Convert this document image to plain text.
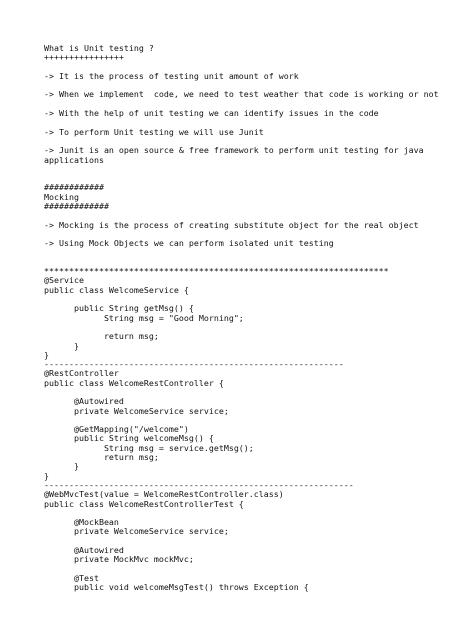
What is Unit testing ?
++++++++++++++++
-> It is the process of testing unit amount of work
-> When we implement  code, we need to test weather that code is working or not
-> With the help of unit testing we can identify issues in the code
-> To perform Unit testing we will use Junit
-> Junit is an open source & free framework to perform unit testing for java
applications
############
Mocking
#############
-> Mocking is the process of creating substitute object for the real object
-> Using Mock Objects we can perform isolated unit testing
*********************************************************************
@Service
public class WelcomeService {
public String getMsg() {
String msg = "Good Morning";
return msg;
}
}
------------------------------------------------------------
@RestController
public class WelcomeRestController {
@Autowired
private WelcomeService service;
@GetMapping("/welcome")
public String welcomeMsg() {
String msg = service.getMsg();
return msg;
}
}
--------------------------------------------------------------
@WebMvcTest(value = WelcomeRestController.class)
public class WelcomeRestControllerTest {
@MockBean
private WelcomeService service;
@Autowired
private MockMvc mockMvc;
@Test
public void welcomeMsgTest() throws Exception {
